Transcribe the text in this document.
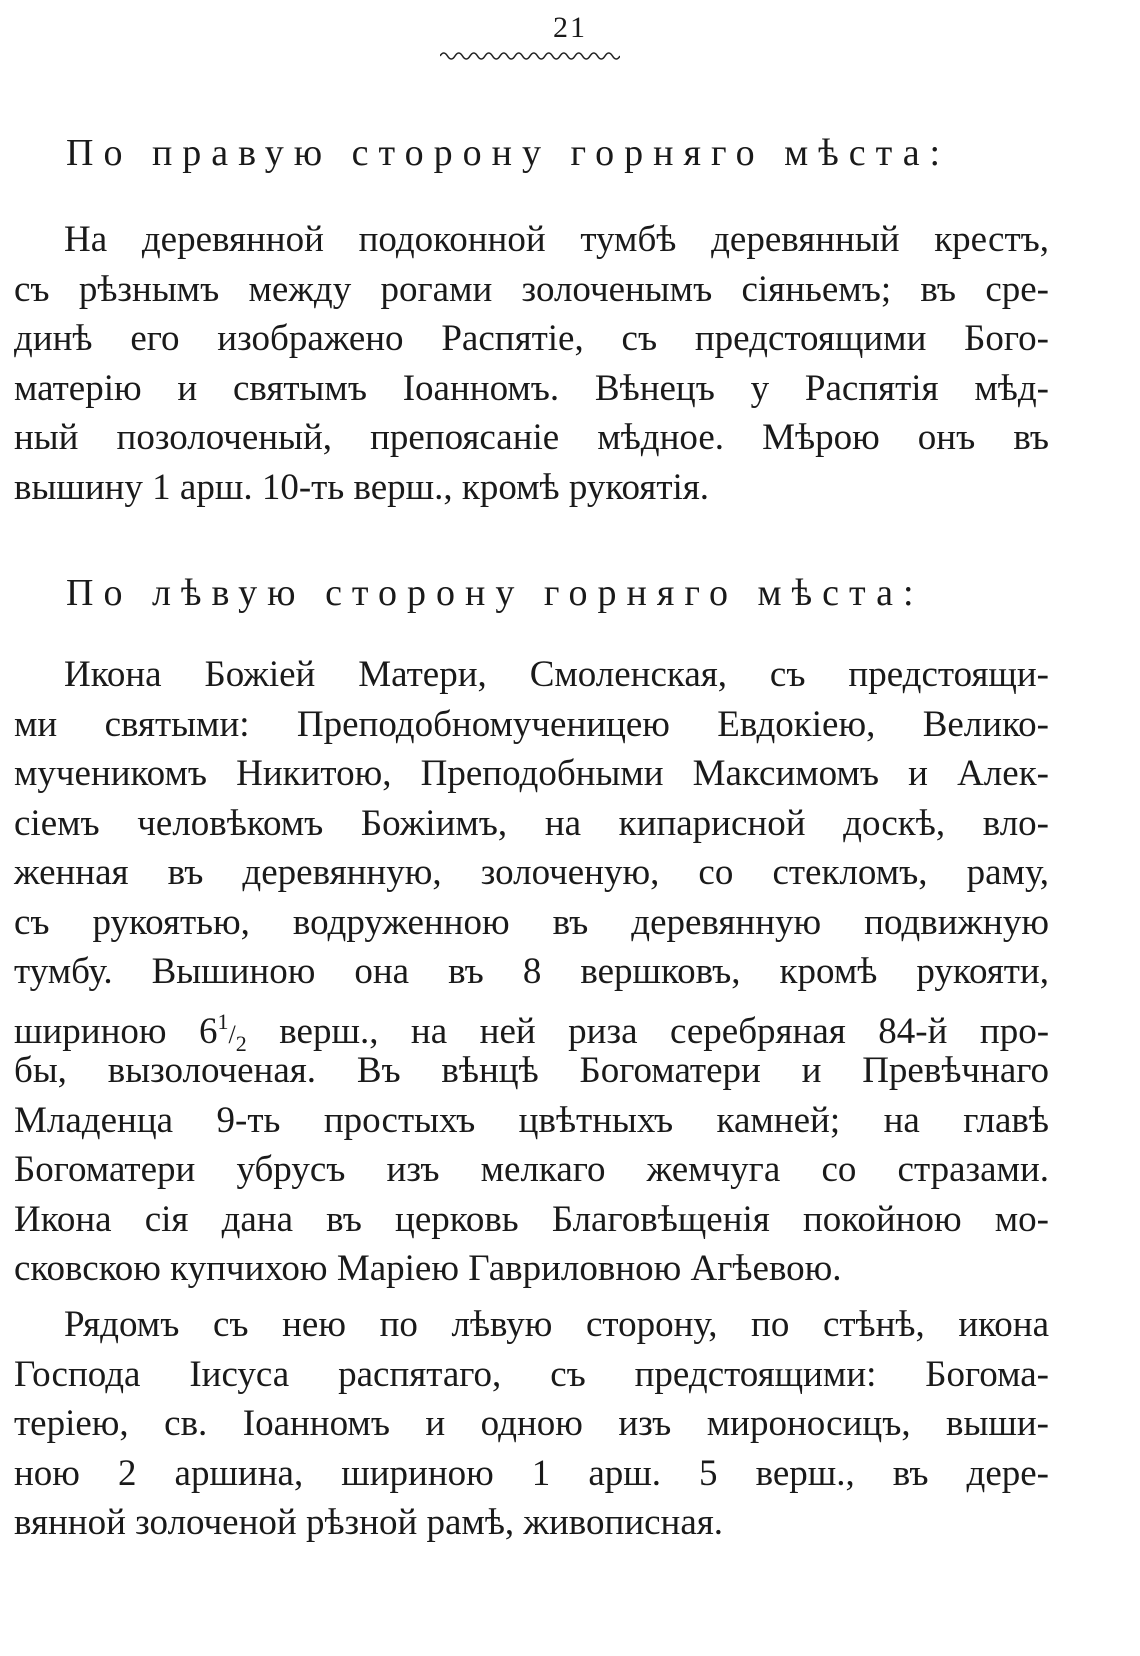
21
По правую сторону горняго мѣста:

На деревянной подоконной тумбѣ деревянный крестъ,
съ рѣзнымъ между рогами золоченымъ сіяньемъ; въ сре-
динѣ его изображено Распятіе, съ предстоящими Бого-
матерію и святымъ Іоанномъ. Вѣнецъ у Распятія мѣд-
ный позолоченый, препоясаніе мѣдное. Мѣрою онъ въ
вышину 1 арш. 10-ть верш., кромѣ рукоятія.

По лѣвую сторону горняго мѣста:

Икона Божіей Матери, Смоленская, съ предстоящи-
ми святыми: Преподобномученицею Евдокіею, Велико-
мученикомъ Никитою, Преподобными Максимомъ и Алек-
сіемъ человѣкомъ Божіимъ, на кипарисной доскѣ, вло-
женная въ деревянную, золоченую, со стекломъ, раму,
съ рукоятью, водруженною въ деревянную подвижную
тумбу. Вышиною она въ 8 вершковъ, кромѣ рукояти,
шириною $6^1/_2$ верш., на ней риза серебряная 84-й про-
бы, вызолоченая. Въ вѣнцѣ Богоматери и Превѣчнаго
Младенца 9-ть простыхъ цвѣтныхъ камней; на главѣ
Богоматери убрусъ изъ мелкаго жемчуга со стразами.
Икона сія дана въ церковь Благовѣщенія покойною мо-
сковскою купчихою Маріею Гавриловною Агѣевою.

Рядомъ съ нею по лѣвую сторону, по стѣнѣ, икона
Господа Іисуса распятаго, съ предстоящими: Богома-
теріею, св. Іоанномъ и одною изъ мироносицъ, выши-
ною 2 аршина, шириною 1 арш. 5 верш., въ дере-
вянной золоченой рѣзной рамѣ, живописная.
